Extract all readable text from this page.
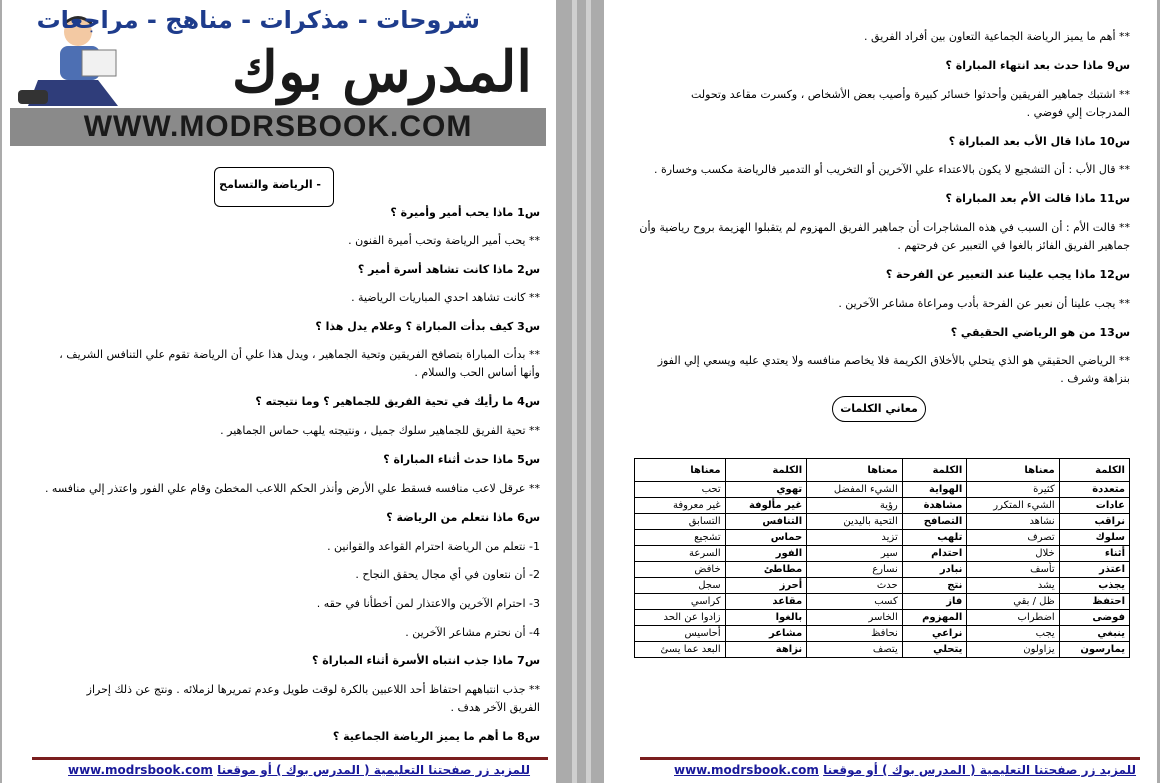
شروحات - مذكرات - مناهج - مراجعات
المدرس بوك
WWW.MODRSBOOK.COM
- الرياضة والتسامح
س1 ماذا يحب أمير وأميرة ؟
** يحب أمير الرياضة وتحب أميرة الفنون .
س2 ماذا كانت تشاهد أسرة أمير ؟
** كانت تشاهد احدي المباريات الرياضية .
س3 كيف بدأت المباراة ؟ وعلام يدل هذا ؟
** بدأت المباراة بتصافح الفريقين وتحية الجماهير ، ويدل هذا علي أن الرياضة تقوم علي التنافس الشريف ،
وأنها أساس الحب والسلام .
س4 ما رأيك في تحية الفريق للجماهير ؟ وما نتيجته ؟
** تحية الفريق للجماهير سلوك جميل ، ونتيجته يلهب حماس الجماهير .
س5 ماذا حدث أثناء المباراة ؟
** عرقل لاعب منافسه فسقط علي الأرض وأنذر الحكم اللاعب المخطئ وقام علي الفور واعتذر إلي منافسه .
س6 ماذا نتعلم من الرياضة ؟
1- نتعلم من الرياضة احترام القواعد والقوانين .
2- أن نتعاون في أي مجال يحقق النجاح .
3- احترام الآخرين والاعتذار لمن أخطأنا في حقه .
4- أن نحترم مشاعر الآخرين .
س7 ماذا جذب انتباه الأسرة أثناء المباراة ؟
** جذب انتباههم احتفاظ أحد اللاعبين بالكرة لوقت طويل وعدم تمريرها لزملائه . ونتج عن ذلك إحراز
الفريق الآخر هدف .
س8 ما أهم ما يميز الرياضة الجماعية ؟
www.modrsbook.com للمزيد زر صفحتنا التعليمية ( المدرس بوك ) أو موقعنا
** أهم ما يميز الرياضة الجماعية التعاون بين أفراد الفريق .
س9 ماذا حدث بعد انتهاء المباراة ؟
** اشتبك جماهير الفريقين وأحدثوا خسائر كبيرة وأصيب بعض الأشخاص ، وكسرت مقاعد وتحولت
المدرجات إلي فوضي .
س10 ماذا قال الأب بعد المباراة ؟
** قال الأب : أن التشجيع لا يكون بالاعتداء علي الآخرين أو التخريب أو التدمير فالرياضة مكسب وخسارة .
س11 ماذا قالت الأم بعد المباراة ؟
** قالت الأم : أن السبب في هذه المشاجرات أن جماهير الفريق المهزوم لم يتقبلوا الهزيمة بروح رياضية وأن
جماهير الفريق الفائز بالغوا في التعبير عن فرحتهم .
س12 ماذا يجب علينا عند التعبير عن الفرحة ؟
** يجب علينا أن نعبر عن الفرحة بأدب ومراعاة مشاعر الآخرين .
س13 من هو الرياضي الحقيقي ؟
** الرياضي الحقيقي هو الذي يتحلي بالأخلاق الكريمة فلا يخاصم منافسه ولا يعتدي عليه ويسعي إلي الفوز
بنزاهة وشرف .
معاني الكلمات
الكلمة	معناها	الكلمة	معناها	الكلمة	معناها
متعددة	كثيرة	الهواية	الشيء المفضل	تهوي	تحب
عادات	الشيء المتكرر	مشاهدة	رؤية	غير مألوفة	غير معروفة
نراقب	نشاهد	التصافح	التحية باليدين	التنافس	التسابق
سلوك	تصرف	تلهب	تزيد	حماس	تشجيع
أثناء	خلال	احتدام	سير	الفور	السرعة
اعتذر	تأسف	نبادر	نسارع	مطاطئ	خافض
يجذب	يشد	نتج	حدث	أحرز	سجل
احتفظ	ظل / بقي	فاز	كسب	مقاعد	كراسي
فوضى	اضطراب	المهزوم	الخاسر	بالغوا	زادوا عن الحد
ينبغي	يجب	نراعي	نحافظ	مشاعر	أحاسيس
يمارسون	يزاولون	يتحلي	يتصف	نزاهة	البعد عما يسئ
www.modrsbook.com للمزيد زر صفحتنا التعليمية ( المدرس بوك ) أو موقعنا
